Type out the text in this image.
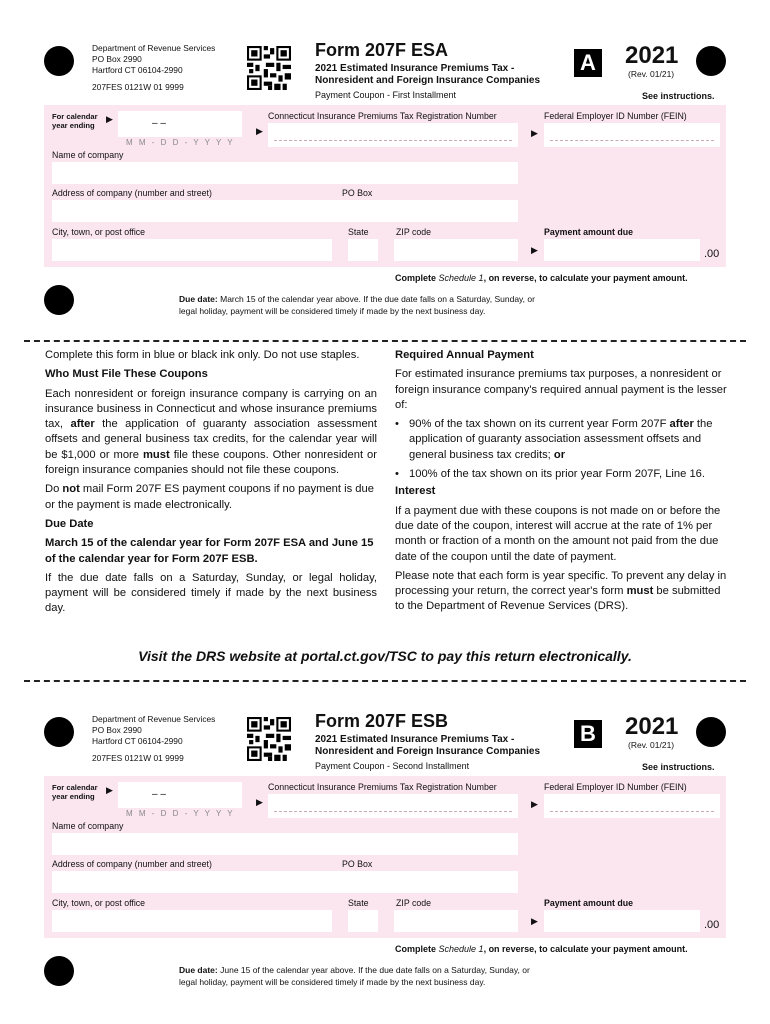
Department of Revenue Services
PO Box 2990
Hartford CT 06104-2990
207FES 0121W 01 9999
Form 207F ESA
2021 Estimated Insurance Premiums Tax -
Nonresident and Foreign Insurance Companies
Payment Coupon - First Installment
A 2021
(Rev. 01/21)
See instructions.
For calendar
year ending
▶	– –
M M - D D - Y Y Y Y
Connecticut Insurance Premiums Tax Registration Number
▶
Federal Employer ID Number (FEIN)
▶
Name of company
Address of company (number and street)	PO Box
City, town, or post office	State	ZIP code	Payment amount due
▶	.00
Complete Schedule 1, on reverse, to calculate your payment amount.
Due date: March 15 of the calendar year above. If the due date falls on a Saturday, Sunday, or
legal holiday, payment will be considered timely if made by the next business day.

Complete this form in blue or black ink only. Do not use staples.

Who Must File These Coupons

Each nonresident or foreign insurance company is carrying on an insurance business in Connecticut and whose insurance premiums tax, after the application of guaranty association assessment offsets and general business tax credits, for the calendar year will be $1,000 or more must file these coupons. Other nonresident or foreign insurance companies should not file these coupons.

Do not mail Form 207F ES payment coupons if no payment is due or the payment is made electronically.

Due Date

March 15 of the calendar year for Form 207F ESA and June 15 of the calendar year for Form 207F ESB.

If the due date falls on a Saturday, Sunday, or legal holiday, payment will be considered timely if made by the next business day.

Required Annual Payment

For estimated insurance premiums tax purposes, a nonresident or foreign insurance company's required annual payment is the lesser of:

• 90% of the tax shown on its current year Form 207F after the application of guaranty association assessment offsets and general business tax credits; or

• 100% of the tax shown on its prior year Form 207F, Line 16.

Interest

If a payment due with these coupons is not made on or before the due date of the coupon, interest will accrue at the rate of 1% per month or fraction of a month on the amount not paid from the due date of the coupon until the date of payment.

Please note that each form is year specific. To prevent any delay in processing your return, the correct year's form must be submitted to the Department of Revenue Services (DRS).

Visit the DRS website at portal.ct.gov/TSC to pay this return electronically.
Department of Revenue Services
PO Box 2990
Hartford CT 06104-2990
207FES 0121W 01 9999
Form 207F ESB
2021 Estimated Insurance Premiums Tax -
Nonresident and Foreign Insurance Companies
Payment Coupon - Second Installment
B 2021
(Rev. 01/21)
See instructions.
For calendar
year ending
▶	– –
M M - D D - Y Y Y Y
Connecticut Insurance Premiums Tax Registration Number
▶
Federal Employer ID Number (FEIN)
▶
Name of company
Address of company (number and street)	PO Box
City, town, or post office	State	ZIP code	Payment amount due
▶	.00
Complete Schedule 1, on reverse, to calculate your payment amount.
Due date: June 15 of the calendar year above. If the due date falls on a Saturday, Sunday, or
legal holiday, payment will be considered timely if made by the next business day.
